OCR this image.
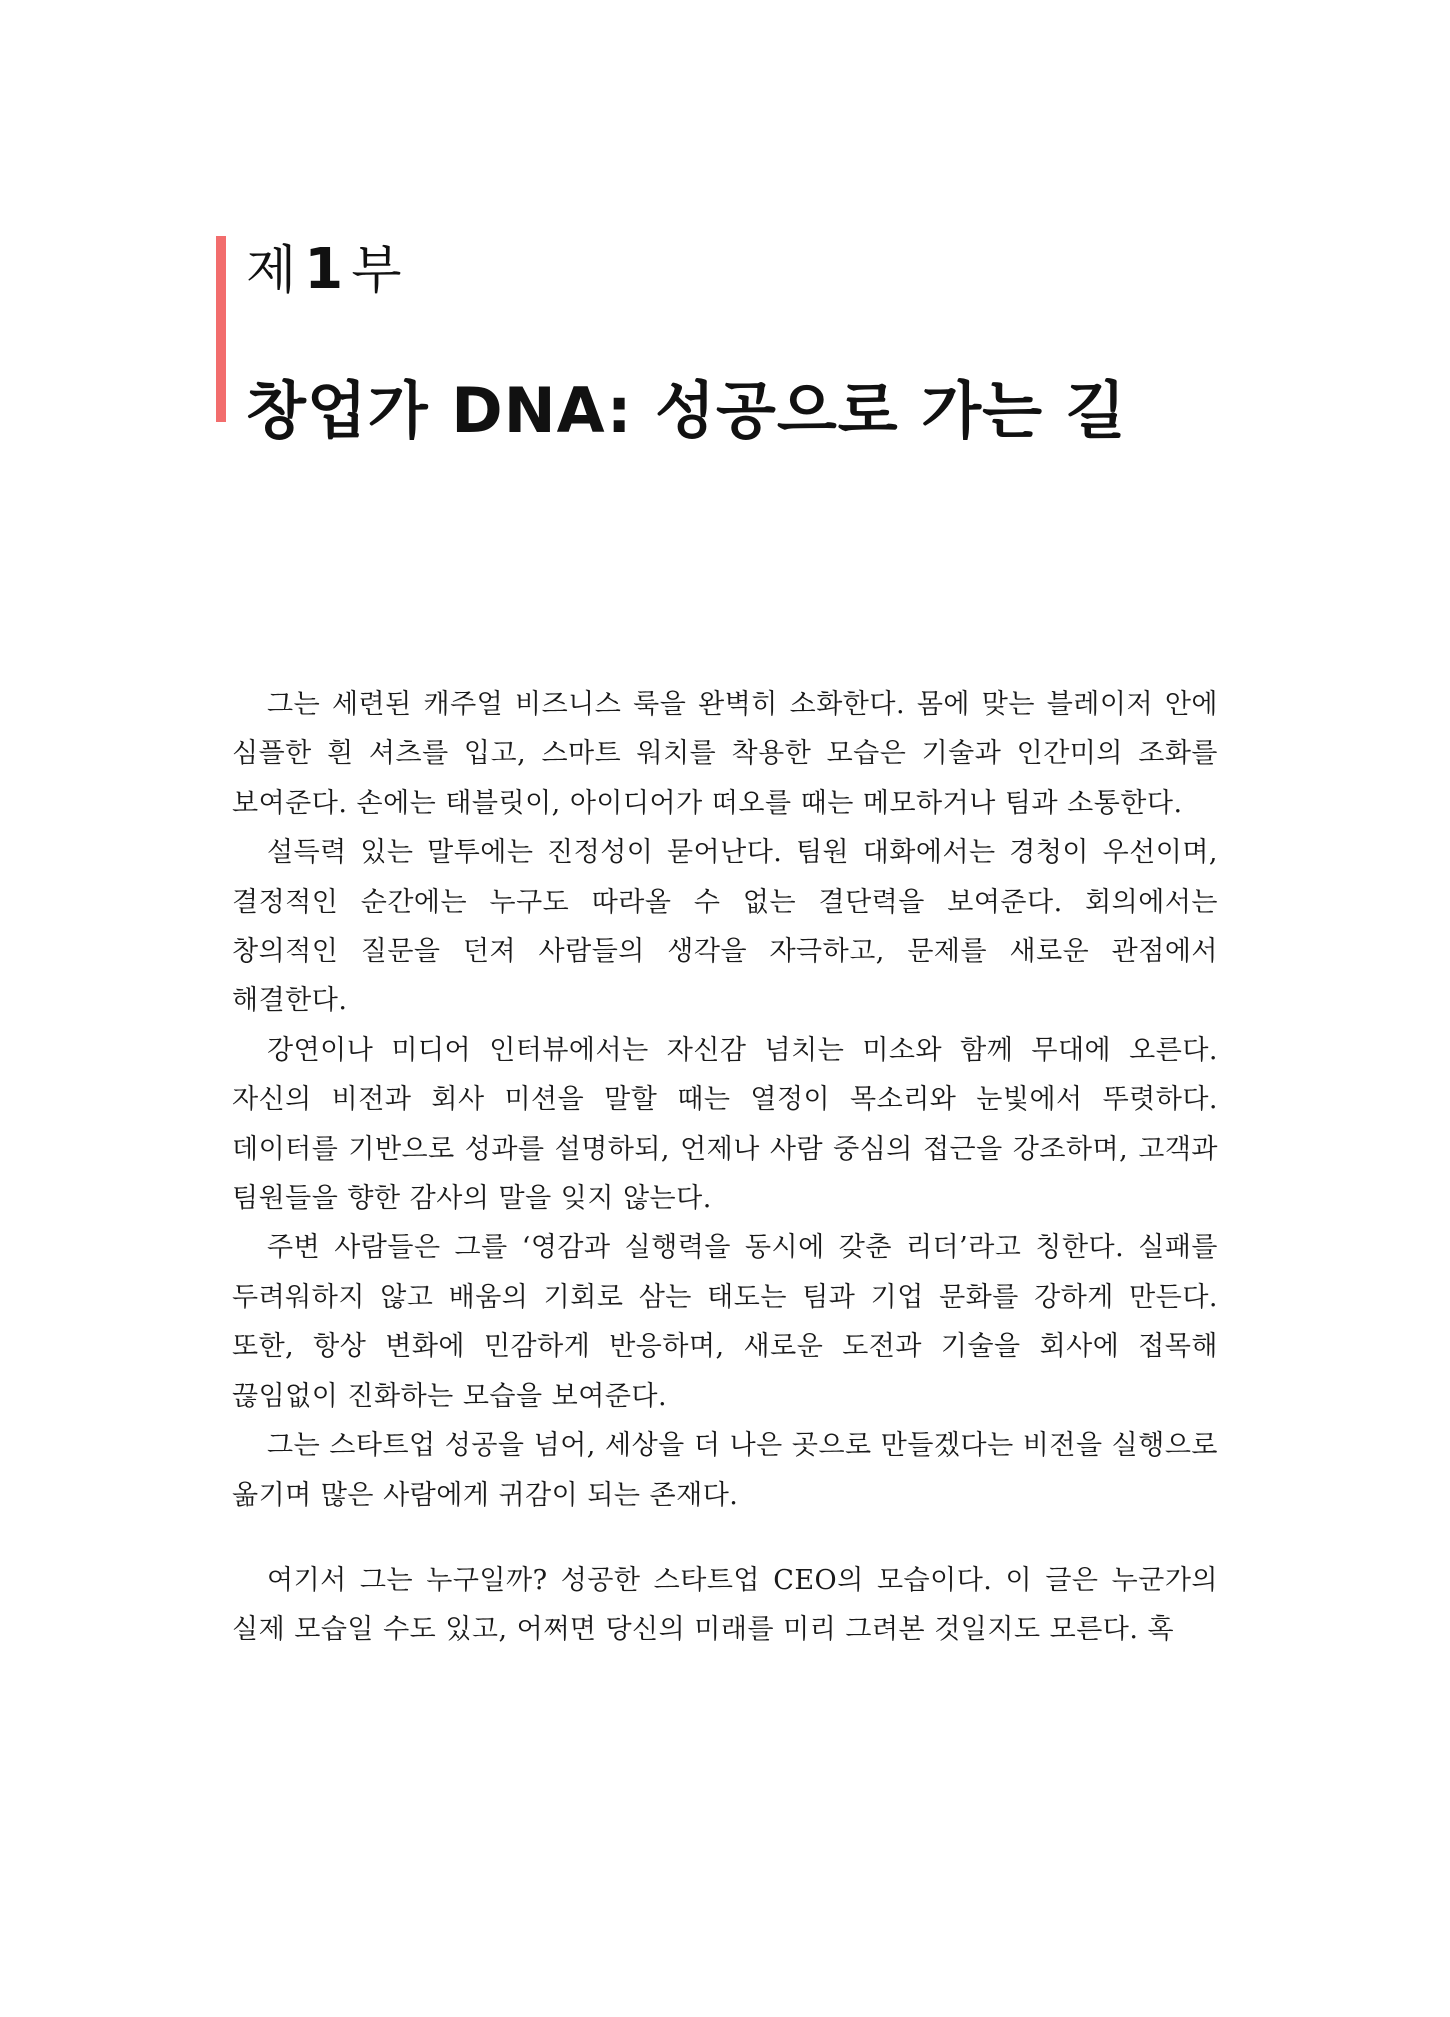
제 1 부
창업가 DNA: 성공으로 가는 길

그는 세련된 캐주얼 비즈니스 룩을 완벽히 소화한다. 몸에 맞는 블레이저 안에 심플한 흰 셔츠를 입고, 스마트 워치를 착용한 모습은 기술과 인간미의 조화를 보여준다. 손에는 태블릿이, 아이디어가 떠오를 때는 메모하거나 팀과 소통한다.

설득력 있는 말투에는 진정성이 묻어난다. 팀원 대화에서는 경청이 우선이며, 결정적인 순간에는 누구도 따라올 수 없는 결단력을 보여준다. 회의에서는 창의적인 질문을 던져 사람들의 생각을 자극하고, 문제를 새로운 관점에서 해결한다.

강연이나 미디어 인터뷰에서는 자신감 넘치는 미소와 함께 무대에 오른다. 자신의 비전과 회사 미션을 말할 때는 열정이 목소리와 눈빛에서 뚜렷하다. 데이터를 기반으로 성과를 설명하되, 언제나 사람 중심의 접근을 강조하며, 고객과 팀원들을 향한 감사의 말을 잊지 않는다.

주변 사람들은 그를 ‘영감과 실행력을 동시에 갖춘 리더’라고 칭한다. 실패를 두려워하지 않고 배움의 기회로 삼는 태도는 팀과 기업 문화를 강하게 만든다. 또한, 항상 변화에 민감하게 반응하며, 새로운 도전과 기술을 회사에 접목해 끊임없이 진화하는 모습을 보여준다.

그는 스타트업 성공을 넘어, 세상을 더 나은 곳으로 만들겠다는 비전을 실행으로 옮기며 많은 사람에게 귀감이 되는 존재다.

여기서 그는 누구일까? 성공한 스타트업 CEO의 모습이다. 이 글은 누군가의 실제 모습일 수도 있고, 어쩌면 당신의 미래를 미리 그려본 것일지도 모른다. 혹
